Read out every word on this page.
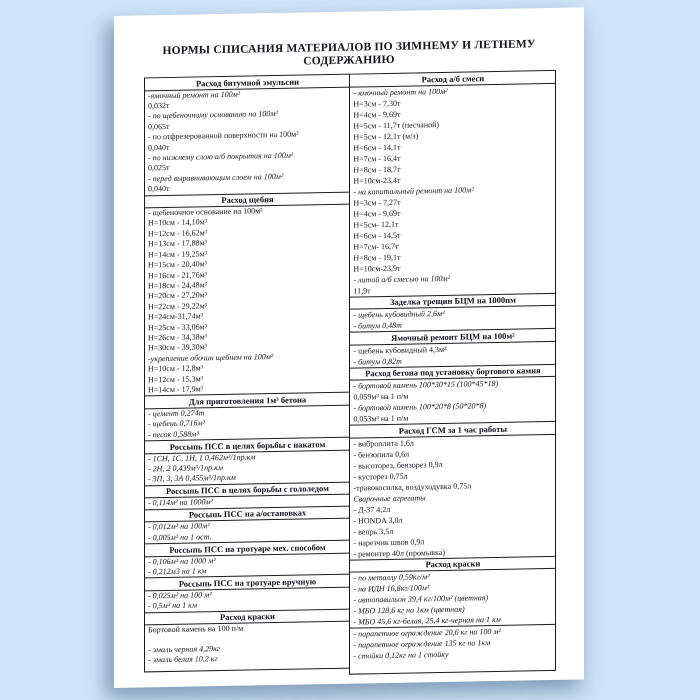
НОРМЫ СПИСАНИЯ МАТЕРИАЛОВ ПО ЗИМНЕМУ И ЛЕТНЕМУ СОДЕРЖАНИЮ
Расход битумной эмульсии
-ямочный ремонт на 100м²
0,032т
- по щебеночному основанию на 100м²
0,065т
- по отфрезерованной поверхности на 100м²
0,040т
- по нижнему слою а/б покрытия на 100м²
0,025т
- перед выравнивающим слоем на 100м²
0,040т
Расход щебня
- щебеночное основание на 100м²
Н=10см - 14,10м³
Н=12см - 16,62м³
Н=13см - 17,88м³
Н=14см - 19,25м³
Н=15см - 20,40м³
Н=16см - 21,76м³
Н=18см - 24,48м³
Н=20см - 27,20м³
Н=22см - 29,22м³
Н=24см-31,74м³
Н=25см - 33,06м³
Н=26см - 34,38м³
Н=30см - 39,30м³
-укрепление обочин щебнем на 100м²
Н=10см - 12,8м³
Н=12см - 15,3м³
Н=14см - 17,9м³
Для приготовления 1м³ бетона
- цемент 0,274т
- щебень 0,716м³
- песок 0,588м³
Россыпь ПСС в целях борьбы с накатом
- 1СН, 1С, 1Н, 1 0,462м³/1пр.км
- 2Н, 2 0,439м³/1пр.км
- 3П, 3, 3А 0,455м³/1пр.км
Россыпь ПСС в целях борьбы с гололедом
- 0,114м³ на 1000м²
Россыпь ПСС на а/остановках
- 0,012м³ на 100м²
- 0,005м³ на 1 ост.
Россыпь ПСС на тротуаре мех. способом
- 0,106м³ на 1000 м²
- 0,212м3 на 1 км
Россыпь ПСС на тротуаре вручную
- 0,025м³ на 100 м²
- 0,5м³ на 1 км
Расход краски
Бортовой камень на 100 п/м
- эмаль черная 4,29кг
- эмаль белая 10,2 кг
Расход а/б смеси
- ямочный ремонт на 100м²
Н=3см - 7,30т
Н=4см - 9,69т
Н=5см - 11,7т (песчаной)
Н=5см - 12,1т (м/з)
Н=6см - 14,1т
Н=7см - 16,4т
Н=8см - 18,7т
Н=10см-23,4т
- на капитальный ремонт на 100м²
Н=3см - 7,27т
Н=4см - 9,69т
Н=5см- 12,1т
Н=6см - 14,5т
Н=7см- 16,7т
Н=8см - 19,1т
Н=10см-23,9т
- литой а/б смесью на 100м²
11,9т
Заделка трещин БЦМ на 1000пм
- щебень кубовидный 2,6м³
- битум 0,48т
Ямочный ремонт БЦМ на 100м²
- щебень кубовидный 4,3м³
- битум 0,82т
Расход бетона под установку бортового камня
- бортовой камень 100*30*15 (100*45*18)
0,059м³ на 1 п/м
- бортовой камень 100*20*8 (50*20*8)
0,053м³ на 1 п/м
Расход ГСМ за 1 час работы
- виброплита 1,6л
- бензопила 0,6л
- высоторез, бензорез 0,9л
- кусторез 0,75л
-травокосилка, воздуходувка 0,75л
Сварочные агрегаты
- Д-37 4,2л
- HONDA 3,0л
- вепрь 3,5л
- нарезчик швов 0,9л
- ремонтер 40л (промывка)
Расход краски
- по металлу 0,59кг/м²
- на ИДН 16,8кг/100м²
- автопавильон 39,4 кг/100м² (цветная)
- МБО 128,6 кг на 1км (цветная)
- МБО 45,6 кг-белая, 25,4 кг-черная на 1 км
- парапетное ограждение 20,6 кг на 100 м²
- парапетное ограждение 135 кг на 1км
- стойки 0,12кг на 1 стойку
